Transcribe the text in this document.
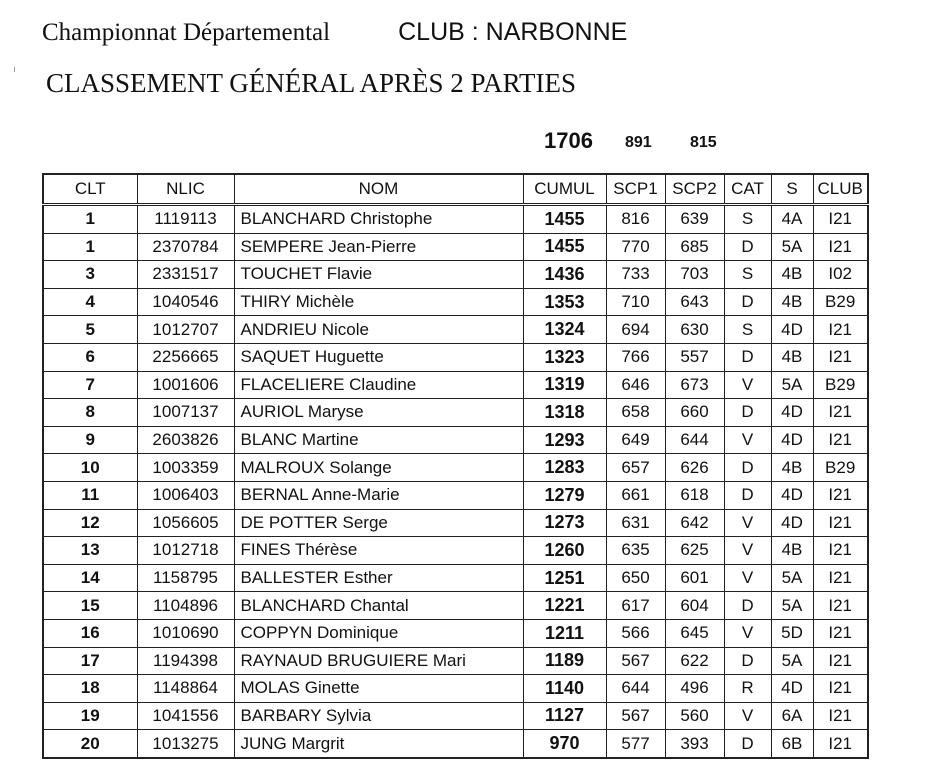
Championnat Départemental	CLUB : NARBONNE
CLASSEMENT GÉNÉRAL APRÈS 2 PARTIES
1706 891 815
CLT	NLIC	NOM	CUMUL	SCP1	SCP2	CAT	S	CLUB
1	1119113	BLANCHARD Christophe	1455	816	639	S	4A	I21
1	2370784	SEMPERE Jean-Pierre	1455	770	685	D	5A	I21
3	2331517	TOUCHET Flavie	1436	733	703	S	4B	I02
4	1040546	THIRY Michèle	1353	710	643	D	4B	B29
5	1012707	ANDRIEU Nicole	1324	694	630	S	4D	I21
6	2256665	SAQUET Huguette	1323	766	557	D	4B	I21
7	1001606	FLACELIERE Claudine	1319	646	673	V	5A	B29
8	1007137	AURIOL Maryse	1318	658	660	D	4D	I21
9	2603826	BLANC Martine	1293	649	644	V	4D	I21
10	1003359	MALROUX Solange	1283	657	626	D	4B	B29
11	1006403	BERNAL Anne-Marie	1279	661	618	D	4D	I21
12	1056605	DE POTTER Serge	1273	631	642	V	4D	I21
13	1012718	FINES Thérèse	1260	635	625	V	4B	I21
14	1158795	BALLESTER Esther	1251	650	601	V	5A	I21
15	1104896	BLANCHARD Chantal	1221	617	604	D	5A	I21
16	1010690	COPPYN Dominique	1211	566	645	V	5D	I21
17	1194398	RAYNAUD BRUGUIERE Mari	1189	567	622	D	5A	I21
18	1148864	MOLAS Ginette	1140	644	496	R	4D	I21
19	1041556	BARBARY Sylvia	1127	567	560	V	6A	I21
20	1013275	JUNG Margrit	970	577	393	D	6B	I21
